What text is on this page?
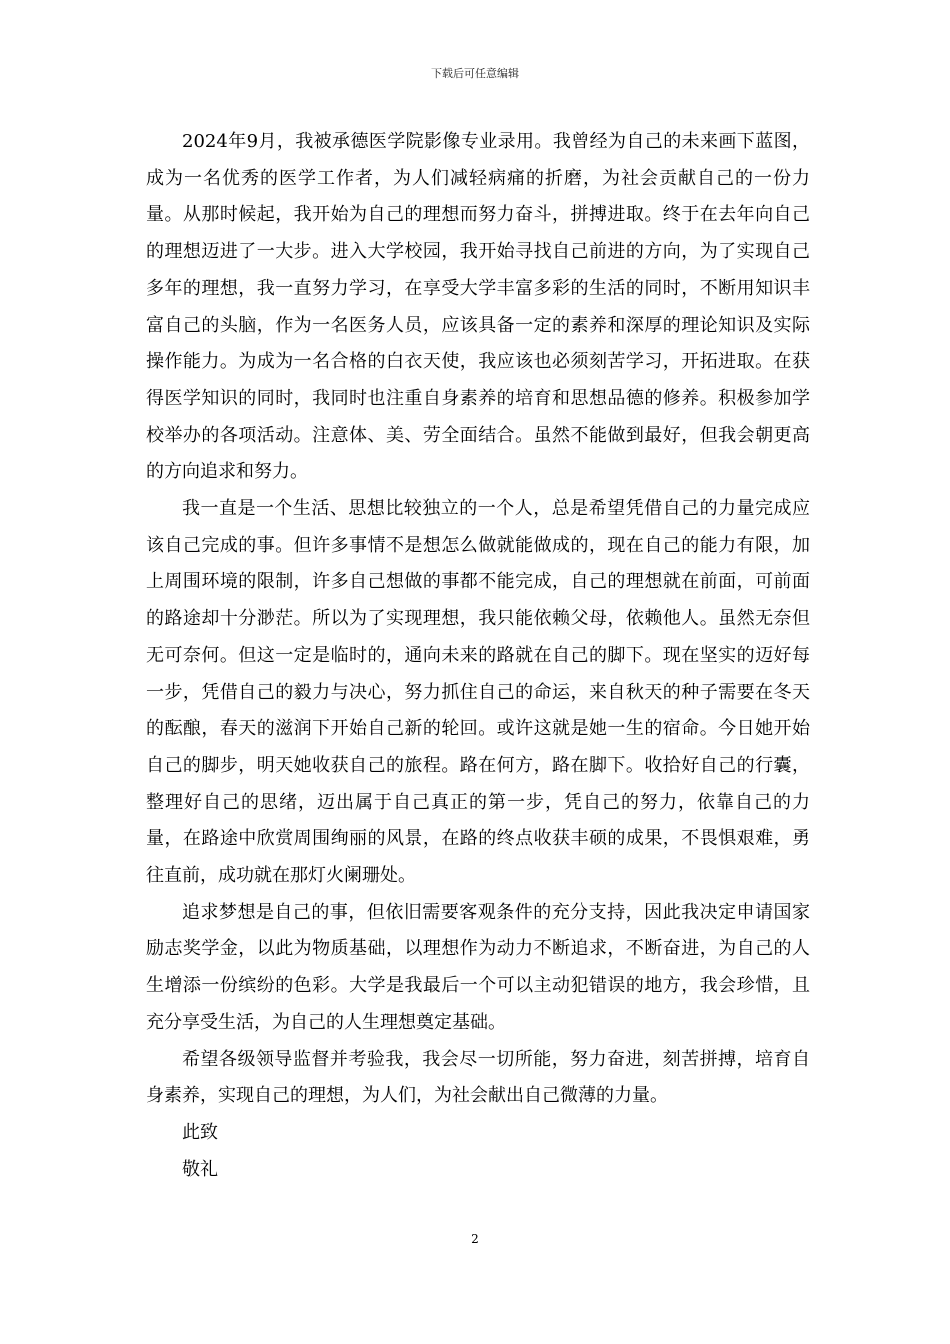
下载后可任意编辑

2024年9月，我被承德医学院影像专业录用。我曾经为自己的未来画下蓝图，成为一名优秀的医学工作者，为人们减轻病痛的折磨，为社会贡献自己的一份力量。从那时候起，我开始为自己的理想而努力奋斗，拼搏进取。终于在去年向自己的理想迈进了一大步。进入大学校园，我开始寻找自己前进的方向，为了实现自己多年的理想，我一直努力学习，在享受大学丰富多彩的生活的同时，不断用知识丰富自己的头脑，作为一名医务人员，应该具备一定的素养和深厚的理论知识及实际操作能力。为成为一名合格的白衣天使，我应该也必须刻苦学习，开拓进取。在获得医学知识的同时，我同时也注重自身素养的培育和思想品德的修养。积极参加学校举办的各项活动。注意体、美、劳全面结合。虽然不能做到最好，但我会朝更高的方向追求和努力。

我一直是一个生活、思想比较独立的一个人，总是希望凭借自己的力量完成应该自己完成的事。但许多事情不是想怎么做就能做成的，现在自己的能力有限，加上周围环境的限制，许多自己想做的事都不能完成，自己的理想就在前面，可前面的路途却十分渺茫。所以为了实现理想，我只能依赖父母，依赖他人。虽然无奈但无可奈何。但这一定是临时的，通向未来的路就在自己的脚下。现在坚实的迈好每一步，凭借自己的毅力与决心，努力抓住自己的命运，来自秋天的种子需要在冬天的酝酿，春天的滋润下开始自己新的轮回。或许这就是她一生的宿命。今日她开始自己的脚步，明天她收获自己的旅程。路在何方，路在脚下。收拾好自己的行囊，整理好自己的思绪，迈出属于自己真正的第一步，凭自己的努力，依靠自己的力量，在路途中欣赏周围绚丽的风景，在路的终点收获丰硕的成果，不畏惧艰难，勇往直前，成功就在那灯火阑珊处。

追求梦想是自己的事，但依旧需要客观条件的充分支持，因此我决定申请国家励志奖学金，以此为物质基础，以理想作为动力不断追求，不断奋进，为自己的人生增添一份缤纷的色彩。大学是我最后一个可以主动犯错误的地方，我会珍惜，且充分享受生活，为自己的人生理想奠定基础。

希望各级领导监督并考验我，我会尽一切所能，努力奋进，刻苦拼搏，培育自身素养，实现自己的理想，为人们，为社会献出自己微薄的力量。

此致

敬礼

2
